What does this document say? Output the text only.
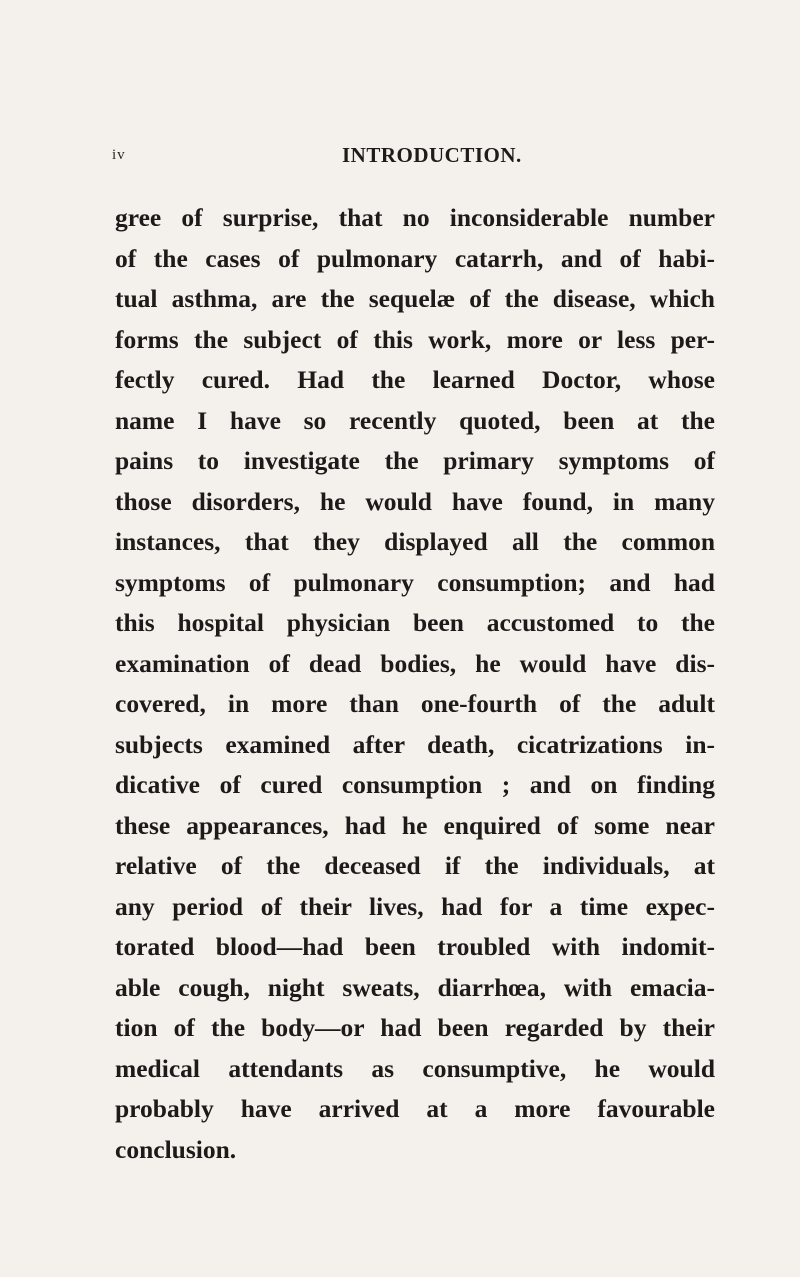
iv	INTRODUCTION.
gree of surprise, that no inconsiderable number
of the cases of pulmonary catarrh, and of habi-
tual asthma, are the sequelæ of the disease, which
forms the subject of this work, more or less per-
fectly cured. Had the learned Doctor, whose
name I have so recently quoted, been at the
pains to investigate the primary symptoms of
those disorders, he would have found, in many
instances, that they displayed all the common
symptoms of pulmonary consumption; and had
this hospital physician been accustomed to the
examination of dead bodies, he would have dis-
covered, in more than one-fourth of the adult
subjects examined after death, cicatrizations in-
dicative of cured consumption ; and on finding
these appearances, had he enquired of some near
relative of the deceased if the individuals, at
any period of their lives, had for a time expec-
torated blood—had been troubled with indomit-
able cough, night sweats, diarrhœa, with emacia-
tion of the body—or had been regarded by their
medical attendants as consumptive, he would
probably have arrived at a more favourable
conclusion.
